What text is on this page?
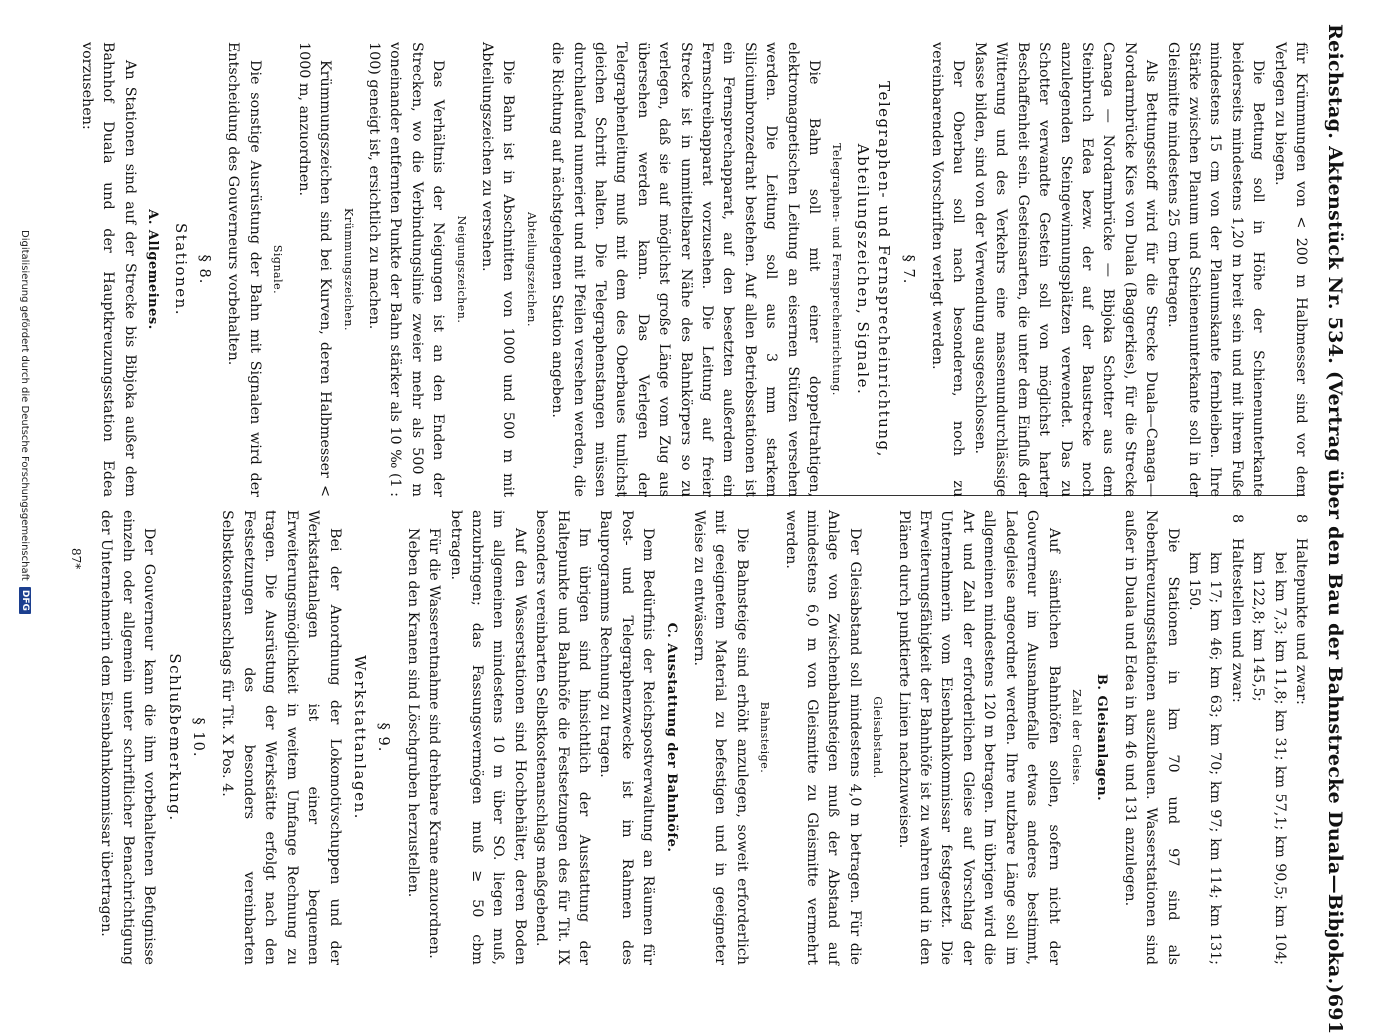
Reichstag. Aktenstück Nr. 534. (Vertrag über den Bau der Bahnstrecke Duala—Bibjoka.)
691

für Krümmungen von < 200 m Halbmesser sind vor dem Verlegen zu biegen.

Die Bettung soll in Höhe der Schienenunterkante beiderseits mindestens 1,20 m breit sein und mit ihrem Fuße mindestens 15 cm von der Planumskante fernbleiben. Ihre Stärke zwischen Planum und Schienenunterkante soll in der Gleismitte mindestens 25 cm betragen.

Als Bettungsstoff wird für die Strecke Duala—Canaga—Nordarmbrücke Kies von Duala (Baggerkies), für die Strecke Canaga — Nordarmbrücke — Bibjoka Schotter aus dem Steinbruch Edea bezw. der auf der Baustrecke noch anzulegenden Steingewinnungsplätzen verwendet. Das zu Schotter verwandte Gestein soll von möglichst harter Beschaffenheit sein. Gesteinsarten, die unter dem Einfluß der Witterung und des Verkehrs eine massenundurchlässige Masse bilden, sind von der Verwendung ausgeschlossen.

Der Oberbau soll nach besonderen, noch zu vereinbarenden Vorschriften verlegt werden.

§ 7.
Telegraphen- und Fernsprecheinrichtung, Abteilungszeichen, Signale.
Telegraphen- und Fernsprecheinrichtung.

Die Bahn soll mit einer doppeltrahtigen, elektromagnetischen Leitung an eisernen Stützen versehen werden. Die Leitung soll aus 3 mm starkem Siliciumbronzedraht bestehen. Auf allen Betriebsstationen ist ein Fernsprechapparat, auf den besetzten außerdem ein Fernschreibapparat vorzusehen. Die Leitung auf freier Strecke ist in unmittelbarer Nähe des Bahnkörpers so zu verlegen, daß sie auf möglichst große Länge vom Zug aus übersehen werden kann. Das Verlegen der Telegraphenleitung muß mit dem des Oberbaues tunlichst gleichen Schritt halten. Die Telegraphenstangen müssen durchlaufend numeriert und mit Pfeilen versehen werden, die die Richtung auf nächstgelegenen Station angeben.

Abteilungszeichen.

Die Bahn ist in Abschnitten von 1000 und 500 m mit Abteilungszeichen zu versehen.

Neigungszeichen.

Das Verhältnis der Neigungen ist an den Enden der Strecken, wo die Verbindungslinie zweier mehr als 500 m voneinander entfernten Punkte der Bahn stärker als 10 ‰ (1 : 100) geneigt ist, ersichtlich zu machen.

Krümmungszeichen.

Krümmungszeichen sind bei Kurven, deren Halbmesser < 1000 m, anzuordnen.

Signale.

Die sonstige Ausrüstung der Bahn mit Signalen wird der Entscheidung des Gouverneurs vorbehalten.

§ 8.
Stationen.
A. Allgemeines.

An Stationen sind auf der Strecke bis Bibjoka außer dem Bahnhof Duala und der Hauptkreuzungsstation Edea vorzusehen:

8
Haltepunkte und zwar:
bei km 7,3; km 11,8; km 31; km 57,1; km 90,5; km 104; km 122,8; km 145,5;
8
Haltestellen und zwar:
km 17; km 46; km 63; km 70; km 97; km 114; km 131; km 150.

Die Stationen in km 70 und 97 sind als Nebenkreuzungsstationen auszubauen. Wasserstationen sind außer in Duala und Edea in km 46 und 131 anzulegen.

B. Gleisanlagen.
Zahl der Gleise.

Auf sämtlichen Bahnhöfen sollen, sofern nicht der Gouverneur im Ausnahmefalle etwas anderes bestimmt, Ladegleise angeordnet werden. Ihre nutzbare Länge soll im allgemeinen mindestens 120 m betragen. Im übrigen wird die Art und Zahl der erforderlichen Gleise auf Vorschlag der Unternehmerin vom Eisenbahnkommissar festgesetzt. Die Erweiterungsfähigkeit der Bahnhöfe ist zu wahren und in den Plänen durch punktierte Linien nachzuweisen.

Gleisabstand.

Der Gleisabstand soll mindestens 4,0 m betragen. Für die Anlage von Zwischenbahnsteigen muß der Abstand auf mindestens 6,0 m von Gleismitte zu Gleismitte vermehrt werden.

Bahnsteige.

Die Bahnsteige sind erhöht anzulegen, soweit erforderlich mit geeignetem Material zu befestigen und in geeigneter Weise zu entwässern.

C. Ausstattung der Bahnhöfe.

Dem Bedürfnis der Reichspostverwaltung an Räumen für Post- und Telegraphenzwecke ist im Rahmen des Bauprogramms Rechnung zu tragen.

Im übrigen sind hinsichtlich der Ausstattung der Haltepunkte und Bahnhöfe die Festsetzungen des für Tit. IX besonders vereinbarten Selbstkostenanschlags maßgebend.

Auf den Wasserstationen sind Hochbehälter, deren Boden im allgemeinen mindestens 10 m über SO. liegen muß, anzubringen; das Fassungsvermögen muß ≥ 50 cbm betragen.

Für die Wasserentnahme sind drehbare Krane anzuordnen.

Neben den Kranen sind Löschgruben herzustellen.

§ 9.
Werkstattanlagen.

Bei der Anordnung der Lokomotivschuppen und der Werkstattanlagen ist einer bequemen Erweiterungsmöglichkeit in weitem Umfange Rechnung zu tragen. Die Ausrüstung der Werkstätte erfolgt nach den Festsetzungen des besonders vereinbarten Selbstkostenanschlags für Tit. X Pos. 4.

§ 10.
Schlußbemerkung.

Der Gouverneur kann die ihm vorbehaltenen Befugnisse einzeln oder allgemein unter schriftlicher Benachrichtigung der Unternehmerin dem Eisenbahnkommissar übertragen.

87*
Digitalisierung gefördert durch die Deutsche Forschungsgemeinschaft
DFG
